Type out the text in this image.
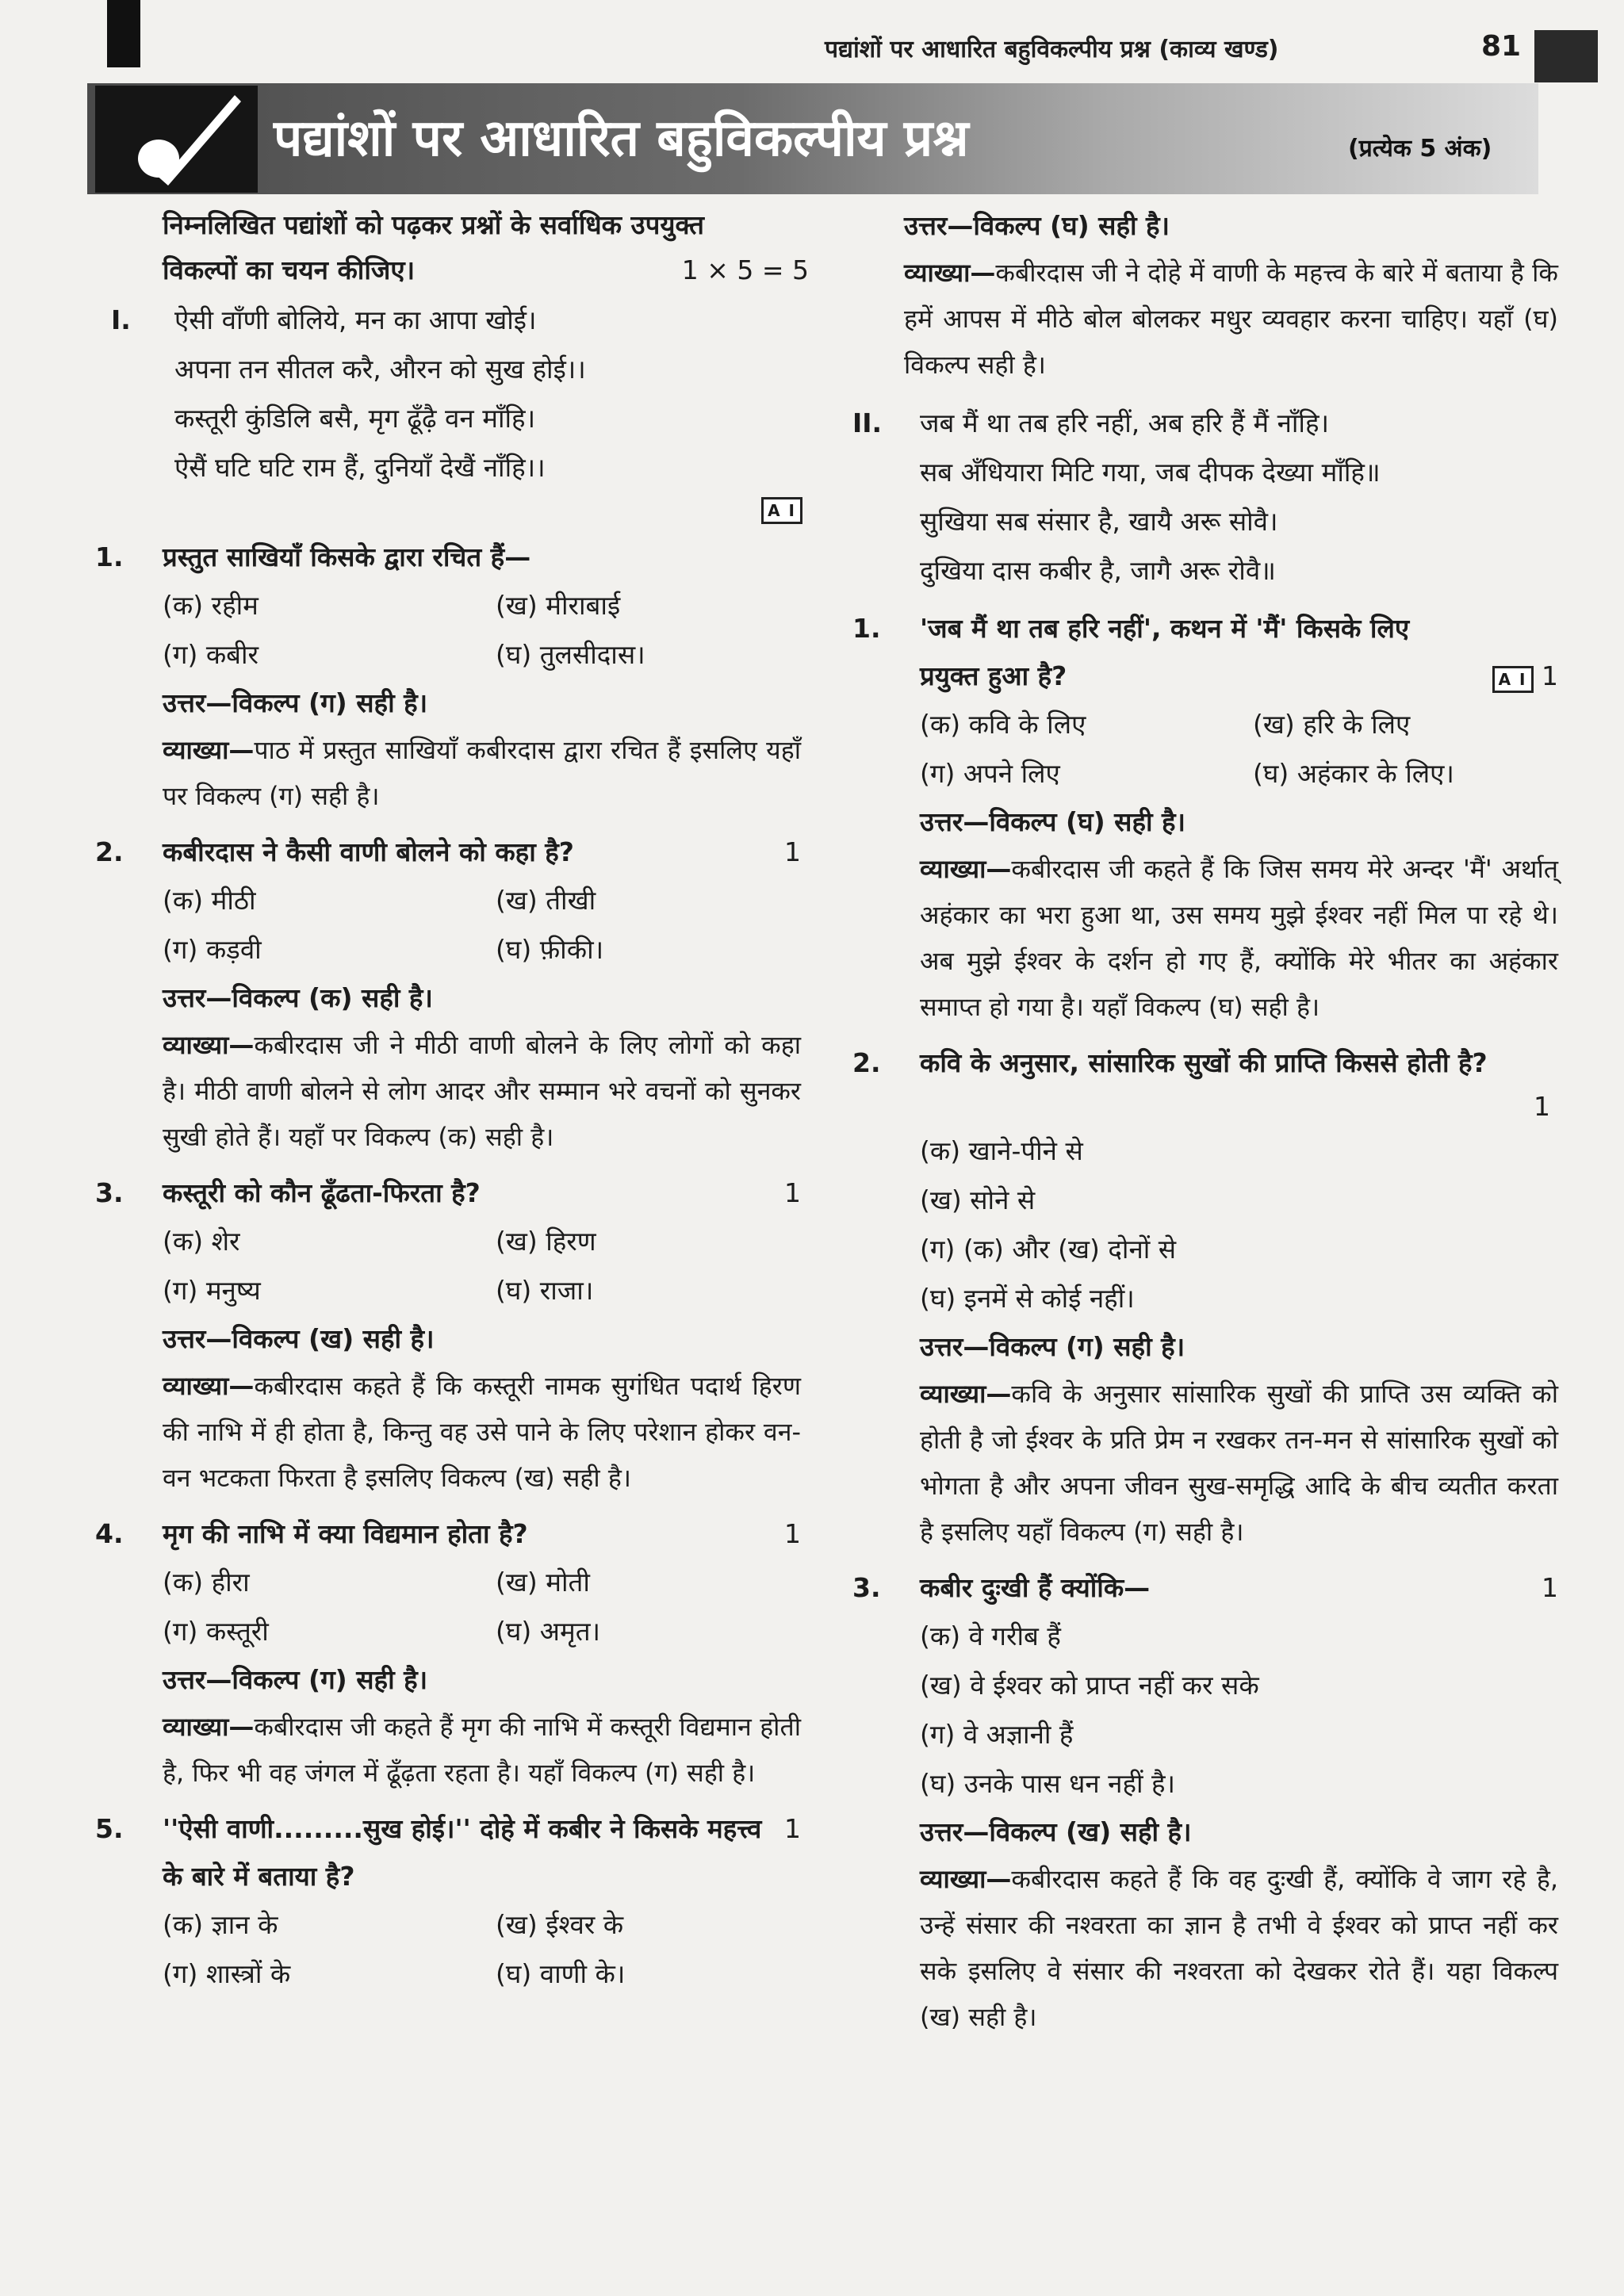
पद्यांशों पर आधारित बहुविकल्पीय प्रश्न (काव्य खण्ड)	81
पद्यांशों पर आधारित बहुविकल्पीय प्रश्न	(प्रत्येक 5 अंक)
निम्नलिखित पद्यांशों को पढ़कर प्रश्नों के सर्वाधिक उपयुक्त
विकल्पों का चयन कीजिए।	1 × 5 = 5
I. ऐसी वाँणी बोलिये, मन का आपा खोई।
अपना तन सीतल करै, औरन को सुख होई।।
कस्तूरी कुंडिलि बसै, मृग ढूँढ़ै वन माँहि।
ऐसैं घटि घटि राम हैं, दुनियाँ देखैं नाँहि।।
A I
1. प्रस्तुत साखियाँ किसके द्वारा रचित हैं—
(क) रहीम	(ख) मीराबाई
(ग) कबीर	(घ) तुलसीदास।
उत्तर—विकल्प (ग) सही है।
व्याख्या—पाठ में प्रस्तुत साखियाँ कबीरदास द्वारा रचित हैं इसलिए यहाँ पर विकल्प (ग) सही है।
2. कबीरदास ने कैसी वाणी बोलने को कहा है?	1
(क) मीठी	(ख) तीखी
(ग) कड़वी	(घ) फ़ीकी।
उत्तर—विकल्प (क) सही है।
व्याख्या—कबीरदास जी ने मीठी वाणी बोलने के लिए लोगों को कहा है। मीठी वाणी बोलने से लोग आदर और सम्मान भरे वचनों को सुनकर सुखी होते हैं। यहाँ पर विकल्प (क) सही है।
3. कस्तूरी को कौन ढूँढता-फिरता है?	1
(क) शेर	(ख) हिरण
(ग) मनुष्य	(घ) राजा।
उत्तर—विकल्प (ख) सही है।
व्याख्या—कबीरदास कहते हैं कि कस्तूरी नामक सुगंधित पदार्थ हिरण की नाभि में ही होता है, किन्तु वह उसे पाने के लिए परेशान होकर वन-वन भटकता फिरता है इसलिए विकल्प (ख) सही है।
4. मृग की नाभि में क्या विद्यमान होता है?	1
(क) हीरा	(ख) मोती
(ग) कस्तूरी	(घ) अमृत।
उत्तर—विकल्प (ग) सही है।
व्याख्या—कबीरदास जी कहते हैं मृग की नाभि में कस्तूरी विद्यमान होती है, फिर भी वह जंगल में ढूँढ़ता रहता है। यहाँ विकल्प (ग) सही है।
5. ''ऐसी वाणी.........सुख होई।'' दोहे में कबीर ने किसके महत्त्व के बारे में बताया है?
1
(क) ज्ञान के	(ख) ईश्वर के
(ग) शास्त्रों के	(घ) वाणी के।
उत्तर—विकल्प (घ) सही है।
व्याख्या—कबीरदास जी ने दोहे में वाणी के महत्त्व के बारे में बताया है कि हमें आपस में मीठे बोल बोलकर मधुर व्यवहार करना चाहिए। यहाँ (घ) विकल्प सही है।
II. जब मैं था तब हरि नहीं, अब हरि हैं मैं नाँहि।
सब अँधियारा मिटि गया, जब दीपक देख्या माँहि॥
सुखिया सब संसार है, खायै अरू सोवै।
दुखिया दास कबीर है, जागै अरू रोवै॥
1. 'जब मैं था तब हरि नहीं', कथन में 'मैं' किसके लिए प्रयुक्त हुआ है?	A I 1
(क) कवि के लिए	(ख) हरि के लिए
(ग) अपने लिए	(घ) अहंकार के लिए।
उत्तर—विकल्प (घ) सही है।
व्याख्या—कबीरदास जी कहते हैं कि जिस समय मेरे अन्दर 'मैं' अर्थात् अहंकार का भरा हुआ था, उस समय मुझे ईश्वर नहीं मिल पा रहे थे। अब मुझे ईश्वर के दर्शन हो गए हैं, क्योंकि मेरे भीतर का अहंकार समाप्त हो गया है। यहाँ विकल्प (घ) सही है।
2. कवि के अनुसार, सांसारिक सुखों की प्राप्ति किससे होती है?
1
(क) खाने-पीने से
(ख) सोने से
(ग) (क) और (ख) दोनों से
(घ) इनमें से कोई नहीं।
उत्तर—विकल्प (ग) सही है।
व्याख्या—कवि के अनुसार सांसारिक सुखों की प्राप्ति उस व्यक्ति को होती है जो ईश्वर के प्रति प्रेम न रखकर तन-मन से सांसारिक सुखों को भोगता है और अपना जीवन सुख-समृद्धि आदि के बीच व्यतीत करता है इसलिए यहाँ विकल्प (ग) सही है।
3. कबीर दुःखी हैं क्योंकि—	1
(क) वे गरीब हैं
(ख) वे ईश्वर को प्राप्त नहीं कर सके
(ग) वे अज्ञानी हैं
(घ) उनके पास धन नहीं है।
उत्तर—विकल्प (ख) सही है।
व्याख्या—कबीरदास कहते हैं कि वह दुःखी हैं, क्योंकि वे जाग रहे है, उन्हें संसार की नश्वरता का ज्ञान है तभी वे ईश्वर को प्राप्त नहीं कर सके इसलिए वे संसार की नश्वरता को देखकर रोते हैं। यहा विकल्प (ख) सही है।
